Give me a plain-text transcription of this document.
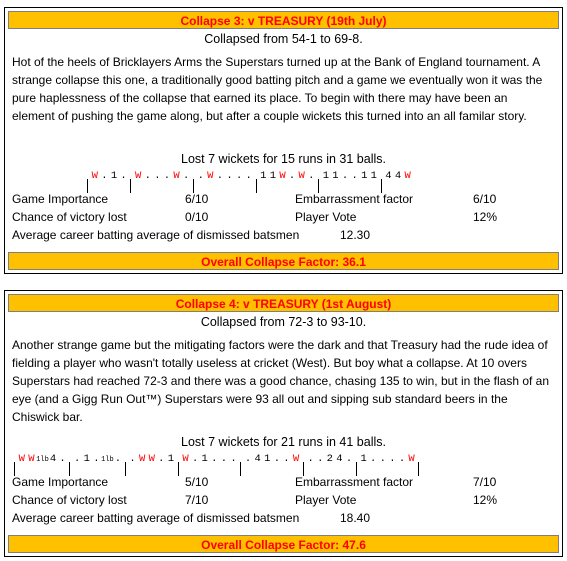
Collapse 3: v TREASURY (19th July)
Collapsed from 54-1 to 69-8.
Hot of the heels of Bricklayers Arms the Superstars turned up at the Bank of England tournament. A strange collapse this one, a traditionally good batting pitch and a game we eventually won it was the pure haplessness of the collapse that earned its place. To begin with there may have been an element of pushing the game along, but after a couple wickets this turned into an all familar story.
Lost 7 wickets for 15 runs in 31 balls.
W . 1 . W . . . W . . W . . . . 1 1 W . W . 1 1 . . 1 1 4 4 W
Game Importance	6/10	Embarrassment factor	6/10
Chance of victory lost	0/10	Player Vote	12%
Average career batting average of dismissed batsmen	12.30
Overall Collapse Factor: 36.1
Collapse 4: v TREASURY (1st August)
Collapsed from 72-3 to 93-10.
Another strange game but the mitigating factors were the dark and that Treasury had the rude idea of fielding a player who wasn't totally useless at cricket (West). But boy what a collapse. At 10 overs Superstars had reached 72-3 and there was a good chance, chasing 135 to win, but in the flash of an eye (and a Gigg Run Out™) Superstars were 93 all out and sipping sub standard beers in the Chiswick bar.
Lost 7 wickets for 21 runs in 41 balls.
W W 1lb4 . . 1 . 1lb. . W W . 1 W . 1 . . . . 4 1 . . W . . 2 4 . 1 . . . . W
Game Importance	5/10	Embarrassment factor	7/10
Chance of victory lost	7/10	Player Vote	12%
Average career batting average of dismissed batsmen	18.40
Overall Collapse Factor: 47.6
